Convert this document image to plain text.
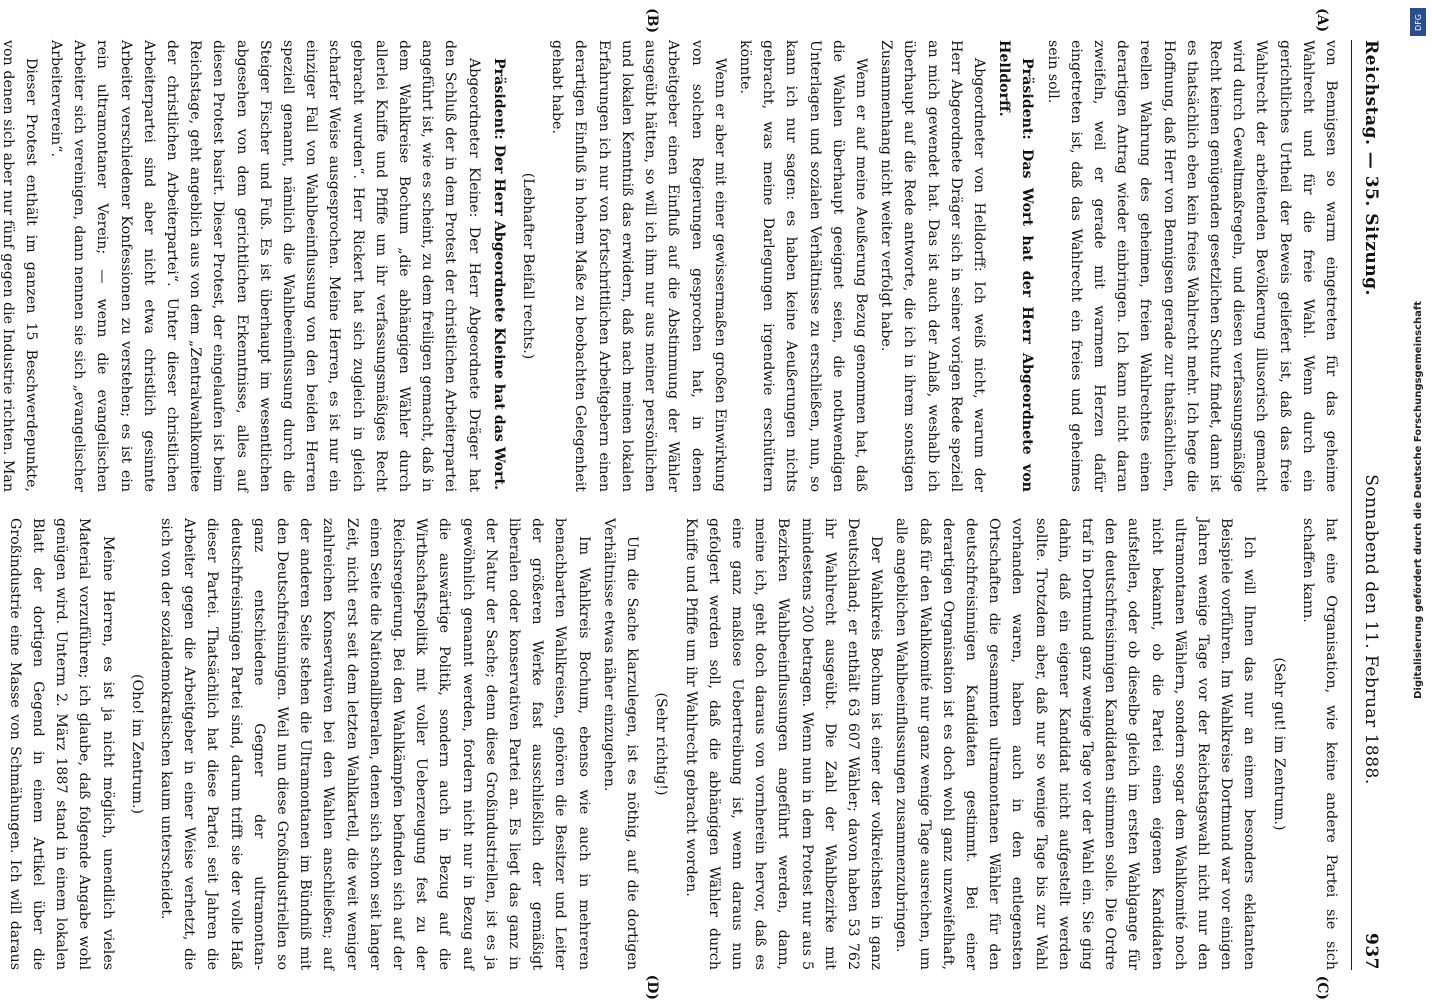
Reichstag. — 35. Sitzung.
Sonnabend den 11. Februar 1888.
937
(A)
(B)
(C)
(D)

von Bennigsen so warm eingetreten für das geheime Wahlrecht und für die freie Wahl. Wenn durch ein gerichtliches Urtheil der Beweis geliefert ist, daß das freie Wahlrecht der arbeitenden Bevölkerung illusorisch gemacht wird durch Gewaltmaßregeln, und diesen verfassungsmäßige Recht keinen genügenden gesetzlichen Schutz findet, dann ist es thatsächlich eben kein freies Wahlrecht mehr. Ich hege die Hoffnung, daß Herr von Bennigsen gerade zur thatsächlichen, reellen Wahrung des geheimen, freien Wahlrechtes einen derartigen Antrag wieder einbringen. Ich kann nicht daran zweifeln, weil er gerade mit warmem Herzen dafür eingetreten ist, daß das Wahlrecht ein freies und geheimes sein soll.

Präsident: Das Wort hat der Herr Abgeordnete von Helldorff.

Abgeordneter von Helldorff: Ich weiß nicht, warum der Herr Abgeordnete Dräger sich in seiner vorigen Rede speziell an mich gewendet hat. Das ist auch der Anlaß, weshalb ich überhaupt auf die Rede antworte, die ich in ihrem sonstigen Zusammenhang nicht weiter verfolgt habe.

Wenn er auf meine Aeußerung Bezug genommen hat, daß die Wahlen überhaupt geeignet seien, die nothwendigen Unterlagen und sozialen Verhältnisse zu erschließen, nun, so kann ich nur sagen: es haben keine Aeußerungen nichts gebracht, was meine Darlegungen irgendwie erschüttern könnte.

Wenn er aber mit einer gewissermaßen großen Einwirkung von solchen Regierungen gesprochen hat, in denen Arbeitgeber einen Einfluß auf die Abstimmung der Wähler ausgeübt hätten, so will ich ihm nur aus meiner persönlichen und lokalen Kenntniß das erwidern, daß nach meinen lokalen Erfahrungen ich nur von fortschrittlichen Arbeitgebern einen derartigen Einfluß in hohem Maße zu beobachten Gelegenheit gehabt habe.

(Lebhafter Beifall rechts.)

Präsident: Der Herr Abgeordnete Kleine hat das Wort.

Abgeordneter Kleine: Der Herr Abgeordnete Dräger hat den Schluß der in dem Protest der christlichen Arbeiterpartei angeführt ist, wie es scheint, zu dem freiligen gemacht, daß in dem Wahlkreise Bochum „die abhängigen Wähler durch allerlei Kniffe und Pfiffe um ihr verfassungsmäßiges Recht gebracht wurden“. Herr Rickert hat sich zugleich in gleich scharfer Weise ausgesprochen. Meine Herren, es ist nur ein einziger Fall von Wahlbeeinflussung von den beiden Herren speziell genannt, nämlich die Wahlbeeinflussung durch die Steiger Fischer und Fuß. Es ist überhaupt im wesentlichen abgesehen von dem gerichtlichen Erkenntnisse, alles auf diesen Protest basirt. Dieser Protest, der eingelaufen ist beim Reichstage, geht angeblich aus von dem „Zentralwahlkomitee der christlichen Arbeiterpartei“. Unter dieser christlichen Arbeiterpartei sind aber nicht etwa christlich gesinnte Arbeiter verschiedener Konfessionen zu verstehen; es ist ein rein ultramontaner Verein; — wenn die evangelischen Arbeiter sich vereinigen, dann nennen sie sich „evangelischer Arbeiterverein“.

Dieser Protest enthält im ganzen 15 Beschwerdepunkte, von denen sich aber nur fünf gegen die Industrie richten. Man

hat eine Organisation, wie keine andere Partei sie sich schaffen kann.

(Sehr gut! im Zentrum.)

Ich will Ihnen das nur an einem besonders eklatanten Beispiele vorführen. Im Wahlkreise Dortmund war vor einigen Jahren wenige Tage vor der Reichstagswahl nicht nur den ultramontanen Wählern, sondern sogar dem Wahlkomité noch nicht bekannt, ob die Partei einen eigenen Kandidaten aufstellen, oder ob dieselbe gleich im ersten Wahlgange für den deutschfreisinnigen Kandidaten stimmen solle. Die Ordre traf in Dortmund ganz wenige Tage vor der Wahl ein. Sie ging dahin, daß ein eigener Kandidat nicht aufgestellt werden sollte. Trotzdem aber, daß nur so wenige Tage bis zur Wahl vorhanden waren, haben auch in den entlegensten Ortschaften die gesammten ultramontanen Wähler für den deutschfreisinnigen Kandidaten gestimmt. Bei einer derartigen Organisation ist es doch wohl ganz unzweifelhaft, daß für den Wahlkomité nur ganz wenige Tage ausreichen, um alle angeblichen Wahlbeeinflussungen zusammenzubringen.

Der Wahlkreis Bochum ist einer der volkreichsten in ganz Deutschland; er enthält 63 607 Wähler; davon haben 53 762 ihr Wahlrecht ausgeübt. Die Zahl der Wahlbezirke mit mindestens 200 betragen. Wenn nun in dem Protest nur aus 5 Bezirken Wahlbeeinflussungen angeführt werden, dann, meine ich, geht doch daraus von vornherein hervor, daß es eine ganz maßlose Uebertreibung ist, wenn daraus nun gefolgert werden soll, daß die abhängigen Wähler durch Kniffe und Pfiffe um ihr Wahlrecht gebracht worden.

(Sehr richtig!)

Um die Sache klarzulegen, ist es nöthig, auf die dortigen Verhältnisse etwas näher einzugehen.

Im Wahlkreis Bochum, ebenso wie auch in mehreren benachbarten Wahlkreisen, gehören die Besitzer und Leiter der größeren Werke fast ausschließlich der gemäßigt liberalen oder konservativen Partei an. Es liegt das ganz in der Natur der Sache; denn diese Großindustriellen, ist es ja gewöhnlich genannt werden, fordern nicht nur in Bezug auf die auswärtige Politik, sondern auch in Bezug auf die Wirthschaftspolitik mit voller Ueberzeugung fest zu der Reichsregierung. Bei den Wahlkämpfen befinden sich auf der einen Seite die Nationalliberalen, denen sich schon seit langer Zeit, nicht erst seit dem letzten Wahlkartell, die weit weniger zahlreichen Konservativen bei den Wahlen anschließen; auf der anderen Seite stehen die Ultramontanen im Bündniß mit den Deutschfreisinnigen. Weil nun diese Großindustriellen so ganz entschiedene Gegner der ultramontan-deutschfreisinnigen Partei sind, darum trifft sie der volle Haß dieser Partei. Thatsächlich hat diese Partei seit Jahren die Arbeiter gegen die Arbeitgeber in einer Weise verhetzt, die sich von der sozialdemokratischen kaum unterscheidet.

(Oho! im Zentrum.)

Meine Herren, es ist ja nicht möglich, unendlich vieles Material vorzuführen; ich glaube, daß folgende Angabe wohl genügen wird. Unterm 2. März 1887 stand in einem lokalen Blatt der dortigen Gegend in einem Artikel über die Großindustrie eine Masse von Schmähungen. Ich will daraus

Digitalisierung gefördert durch die Deutsche Forschungsgemeinschaft
DFG
